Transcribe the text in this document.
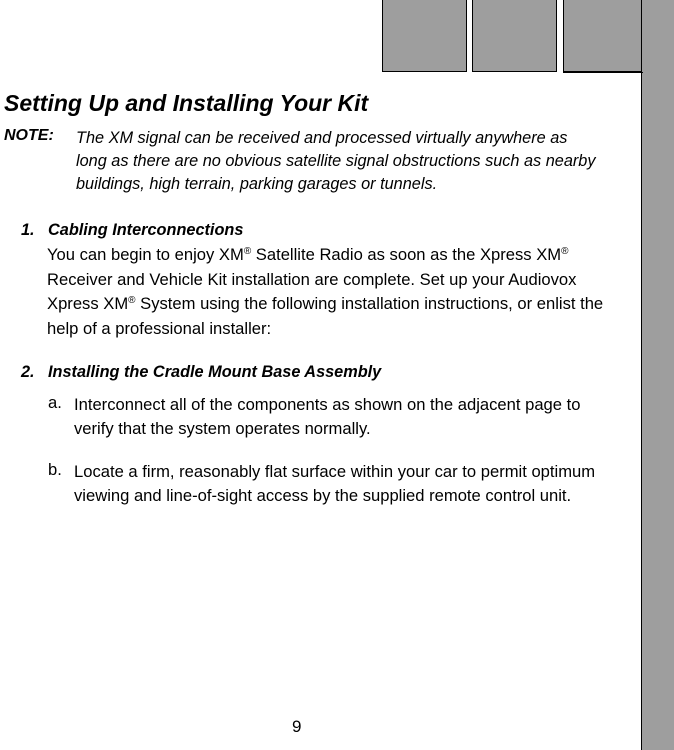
Setting Up and Installing Your Kit
NOTE: The XM signal can be received and processed virtually anywhere as long as there are no obvious satellite signal obstructions such as nearby buildings, high terrain, parking garages or tunnels.
1. Cabling Interconnections
You can begin to enjoy XM® Satellite Radio as soon as the Xpress XM® Receiver and Vehicle Kit installation are complete. Set up your Audiovox Xpress XM® System using the following installation instructions, or enlist the help of a professional installer:
2. Installing the Cradle Mount Base Assembly
a. Interconnect all of the components as shown on the adjacent page to verify that the system operates normally.
b. Locate a firm, reasonably flat surface within your car to permit optimum viewing and line-of-sight access by the supplied remote control unit.
9
